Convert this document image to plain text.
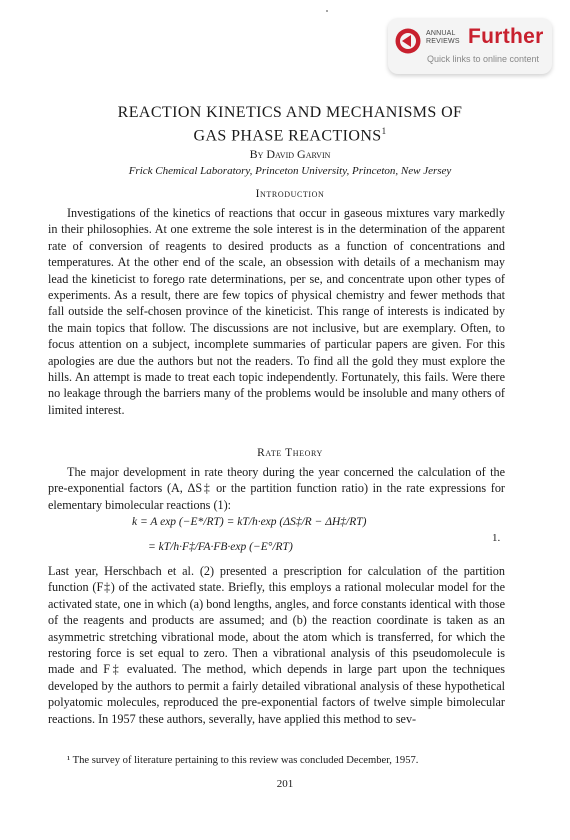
ANNUAL
REVIEWS Further
Quick links to online content
REACTION KINETICS AND MECHANISMS OF
GAS PHASE REACTIONS$^1$
By David Garvin
Frick Chemical Laboratory, Princeton University, Princeton, New Jersey
Introduction

Investigations of the kinetics of reactions that occur in gaseous mixtures vary markedly in their philosophies. At one extreme the sole interest is in the determination of the apparent rate of conversion of reagents to desired products as a function of concentrations and temperatures. At the other end of the scale, an obsession with details of a mechanism may lead the kineticist to forego rate determinations, per se, and concentrate upon other types of experiments. As a result, there are few topics of physical chemistry and fewer methods that fall outside the self-chosen province of the kineticist. This range of interests is indicated by the main topics that follow. The discussions are not inclusive, but are exemplary. Often, to focus attention on a subject, incomplete summaries of particular papers are given. For this apologies are due the authors but not the readers. To find all the gold they must explore the hills. An attempt is made to treat each topic independently. Fortunately, this fails. Were there no leakage through the barriers many of the problems would be insoluble and many others of limited interest.

Rate Theory

The major development in rate theory during the year concerned the calculation of the pre-exponential factors (A, ΔS‡ or the partition function ratio) in the rate expressions for elementary bimolecular reactions (1):

k = A exp (−E*/RT) = kT/h·exp (ΔS‡/R − ΔH‡/RT)
= kT/h·F‡/FA·FB·exp (−E°/RT)
1.

Last year, Herschbach et al. (2) presented a prescription for calculation of the partition function (F‡) of the activated state. Briefly, this employs a rational molecular model for the activated state, one in which (a) bond lengths, angles, and force constants identical with those of the reagents and products are assumed; and (b) the reaction coordinate is taken as an asymmetric stretching vibrational mode, about the atom which is transferred, for which the restoring force is set equal to zero. Then a vibrational analysis of this pseudomolecule is made and F‡ evaluated. The method, which depends in large part upon the techniques developed by the authors to permit a fairly detailed vibrational analysis of these hypothetical polyatomic molecules, reproduced the pre-exponential factors of twelve simple bimolecular reactions. In 1957 these authors, severally, have applied this method to sev-

¹ The survey of literature pertaining to this review was concluded December, 1957.
201
